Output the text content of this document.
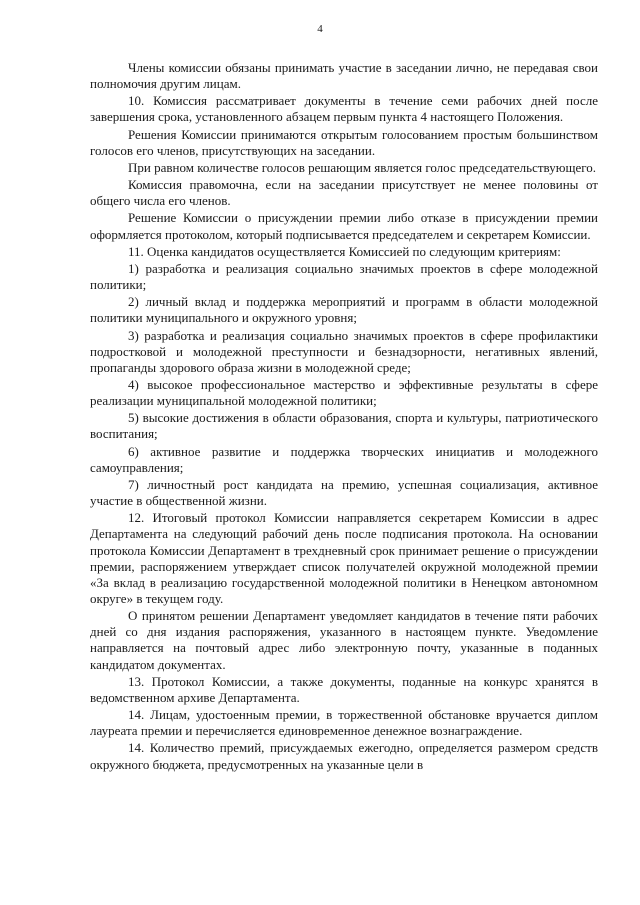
4

Члены комиссии обязаны принимать участие в заседании лично, не передавая свои полномочия другим лицам.

10. Комиссия рассматривает документы в течение семи рабочих дней после завершения срока, установленного абзацем первым пункта 4 настоящего Положения.

Решения Комиссии принимаются открытым голосованием простым большинством голосов его членов, присутствующих на заседании.

При равном количестве голосов решающим является голос председательствующего.

Комиссия правомочна, если на заседании присутствует не менее половины от общего числа его членов.

Решение Комиссии о присуждении премии либо отказе в присуждении премии оформляется протоколом, который подписывается председателем и секретарем Комиссии.

11. Оценка кандидатов осуществляется Комиссией по следующим критериям:

1) разработка и реализация социально значимых проектов в сфере молодежной политики;

2) личный вклад и поддержка мероприятий и программ в области молодежной политики муниципального и окружного уровня;

3) разработка и реализация социально значимых проектов в сфере профилактики подростковой и молодежной преступности и безнадзорности, негативных явлений, пропаганды здорового образа жизни в молодежной среде;

4) высокое профессиональное мастерство и эффективные результаты в сфере реализации муниципальной молодежной политики;

5) высокие достижения в области образования, спорта и культуры, патриотического воспитания;

6) активное развитие и поддержка творческих инициатив и молодежного самоуправления;

7) личностный рост кандидата на премию, успешная социализация, активное участие в общественной жизни.

12. Итоговый протокол Комиссии направляется секретарем Комиссии в адрес Департамента на следующий рабочий день после подписания протокола. На основании протокола Комиссии Департамент в трехдневный срок принимает решение о присуждении премии, распоряжением утверждает список получателей окружной молодежной премии «За вклад в реализацию государственной молодежной политики в Ненецком автономном округе» в текущем году.

О принятом решении Департамент уведомляет кандидатов в течение пяти рабочих дней со дня издания распоряжения, указанного в настоящем пункте. Уведомление направляется на почтовый адрес либо электронную почту, указанные в поданных кандидатом документах.

13. Протокол Комиссии, а также документы, поданные на конкурс хранятся в ведомственном архиве Департамента.

14. Лицам, удостоенным премии, в торжественной обстановке вручается диплом лауреата премии и перечисляется единовременное денежное вознаграждение.

14. Количество премий, присуждаемых ежегодно, определяется размером средств окружного бюджета, предусмотренных на указанные цели в
